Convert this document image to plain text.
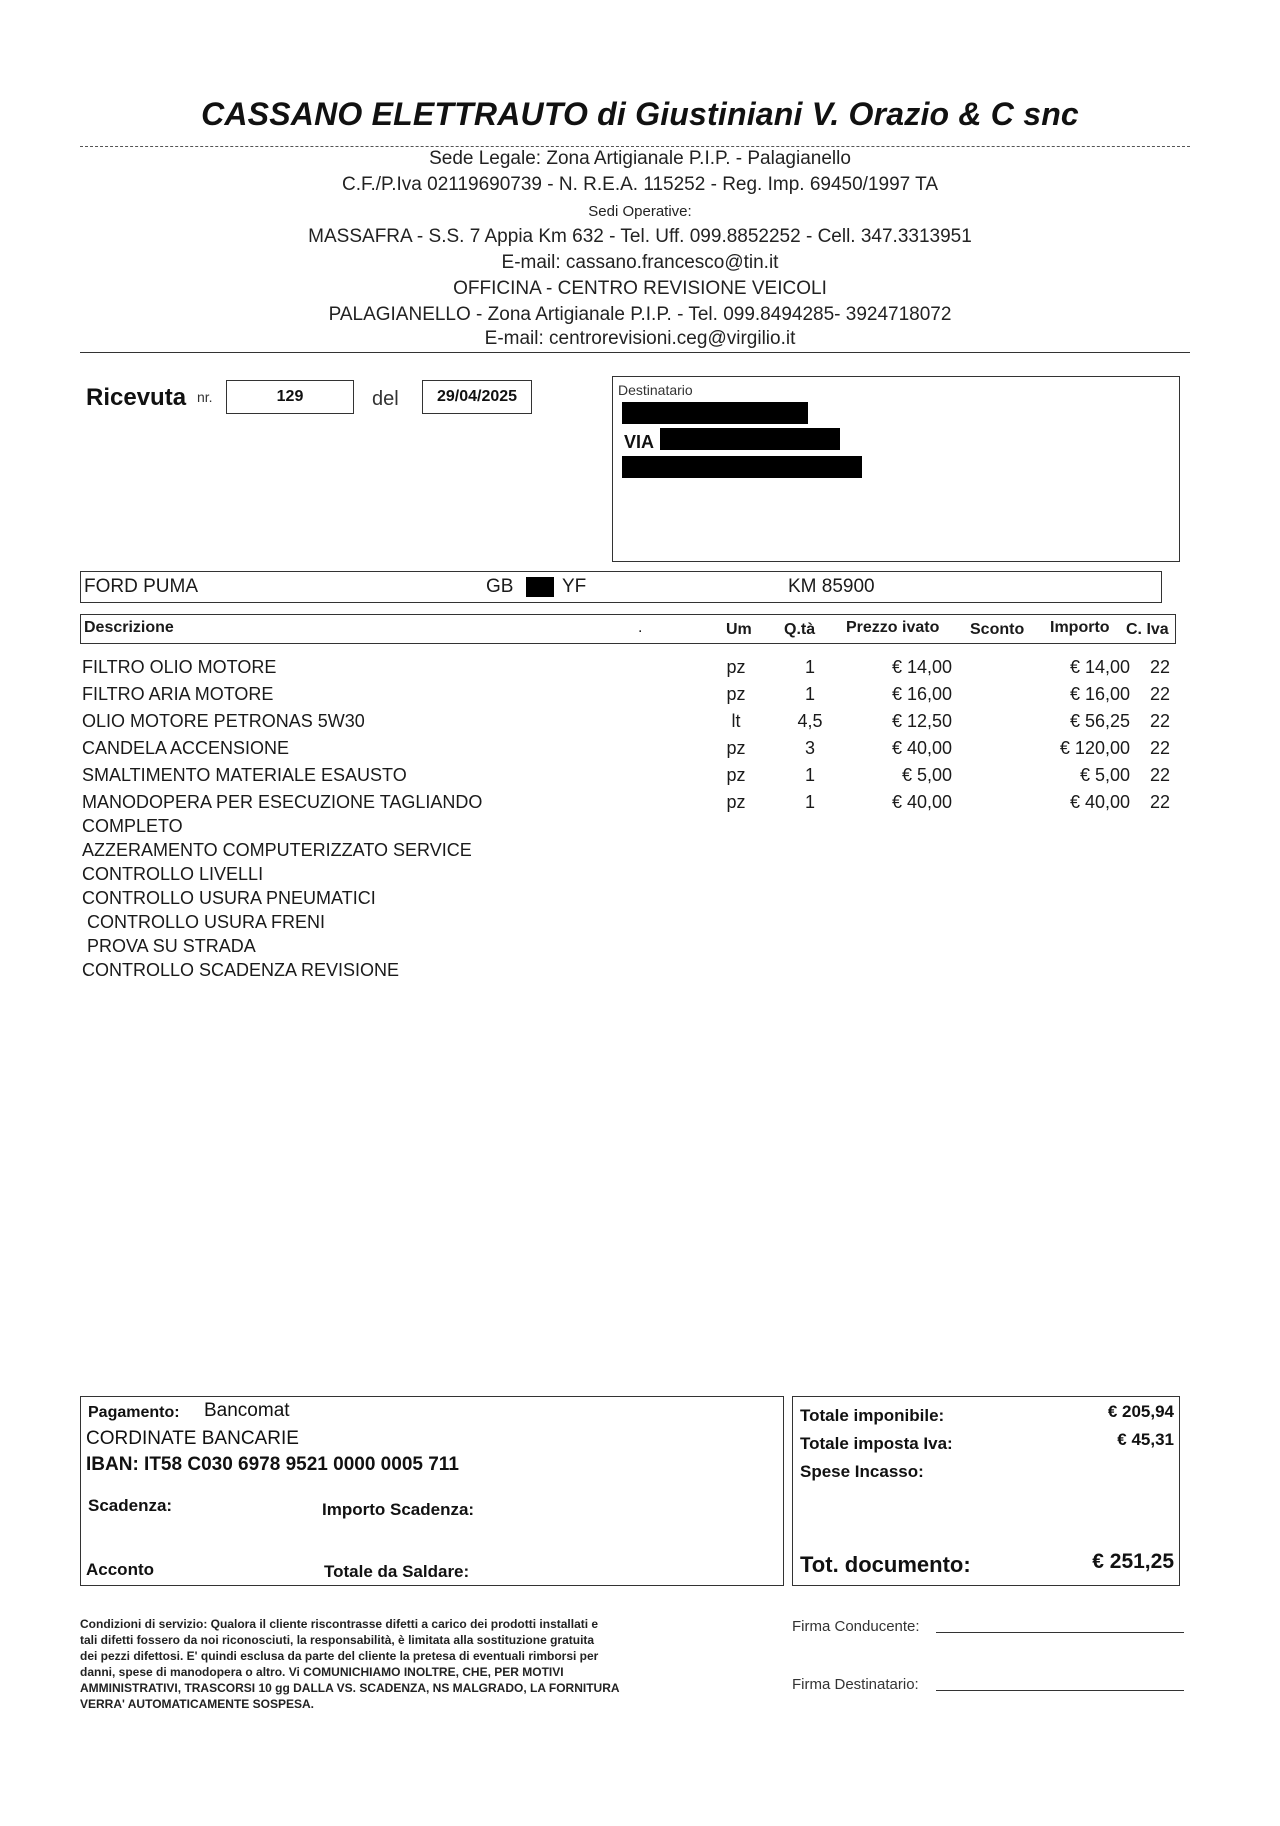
CASSANO ELETTRAUTO di Giustiniani V. Orazio & C snc
Sede Legale: Zona Artigianale P.I.P. - Palagianello
C.F./P.Iva 02119690739 - N. R.E.A. 115252 - Reg. Imp. 69450/1997 TA
Sedi Operative:
MASSAFRA - S.S. 7 Appia Km 632 - Tel. Uff. 099.8852252 - Cell. 347.3313951
E-mail: cassano.francesco@tin.it
OFFICINA - CENTRO REVISIONE VEICOLI
PALAGIANELLO - Zona Artigianale P.I.P. - Tel. 099.8494285- 3924718072
E-mail: centrorevisioni.ceg@virgilio.it
Ricevuta nr.	129	del	29/04/2025	Destinatario
VIA
FORD PUMA	GB	YF	KM 85900
Descrizione	.	Um Q.tà Prezzo ivato Sconto Importo C. Iva
FILTRO OLIO MOTORE	pz	1	€ 14,00	€ 14,00 22
FILTRO ARIA MOTORE	pz	1	€ 16,00	€ 16,00 22
OLIO MOTORE PETRONAS 5W30	lt	4,5	€ 12,50	€ 56,25 22
CANDELA ACCENSIONE	pz	3	€ 40,00	€ 120,00 22
SMALTIMENTO MATERIALE ESAUSTO	pz	1	€ 5,00	€ 5,00 22
MANODOPERA PER ESECUZIONE TAGLIANDO	pz	1	€ 40,00	€ 40,00 22
COMPLETO
AZZERAMENTO COMPUTERIZZATO SERVICE
CONTROLLO LIVELLI
CONTROLLO USURA PNEUMATICI
CONTROLLO USURA FRENI
PROVA SU STRADA
CONTROLLO SCADENZA REVISIONE
Pagamento: Bancomat
CORDINATE BANCARIE
IBAN: IT58 C030 6978 9521 0000 0005 711
Scadenza:	Importo Scadenza:
Acconto	Totale da Saldare:
Totale imponibile:	€ 205,94
Totale imposta Iva:	€ 45,31
Spese Incasso:
Tot. documento:	€ 251,25
Condizioni di servizio: Qualora il cliente riscontrasse difetti a carico dei prodotti installati e
tali difetti fossero da noi riconosciuti, la responsabilità, è limitata alla sostituzione gratuita
dei pezzi difettosi. E' quindi esclusa da parte del cliente la pretesa di eventuali rimborsi per
danni, spese di manodopera o altro. Vi COMUNICHIAMO INOLTRE, CHE, PER MOTIVI
AMMINISTRATIVI, TRASCORSI 10 gg DALLA VS. SCADENZA, NS MALGRADO, LA FORNITURA
VERRA' AUTOMATICAMENTE SOSPESA.
Firma Conducente:
Firma Destinatario:
